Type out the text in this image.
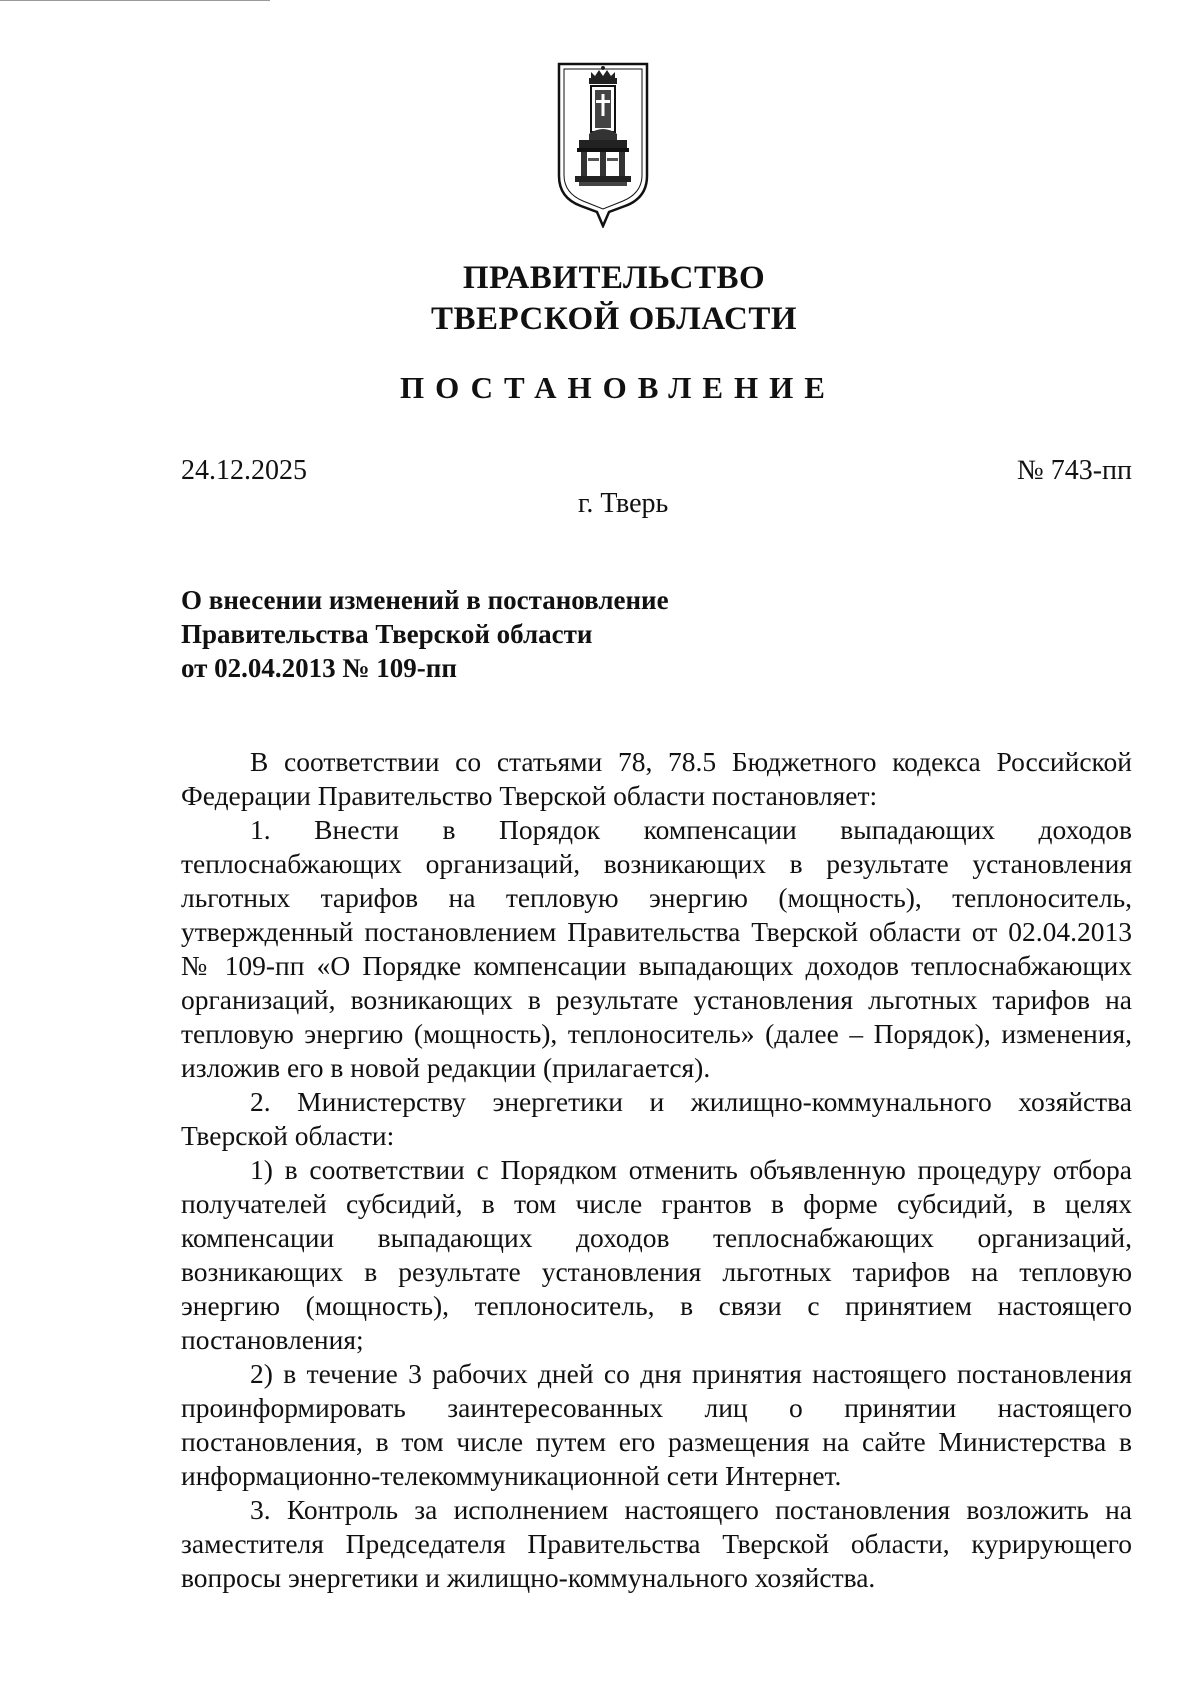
ПРАВИТЕЛЬСТВО
ТВЕРСКОЙ ОБЛАСТИ
ПОСТАНОВЛЕНИЕ
24.12.2025	№ 743-пп
г. Тверь
О внесении изменений в постановление
Правительства Тверской области
от 02.04.2013 № 109-пп

В соответствии со статьями 78, 78.5 Бюджетного кодекса Российской Федерации Правительство Тверской области постановляет:

1. Внести в Порядок компенсации выпадающих доходов теплоснабжающих организаций, возникающих в результате установления льготных тарифов на тепловую энергию (мощность), теплоноситель, утвержденный постановлением Правительства Тверской области от 02.04.2013 № 109-пп «О Порядке компенсации выпадающих доходов теплоснабжающих организаций, возникающих в результате установления льготных тарифов на тепловую энергию (мощность), теплоноситель» (далее – Порядок), изменения, изложив его в новой редакции (прилагается).

2. Министерству энергетики и жилищно-коммунального хозяйства Тверской области:

1) в соответствии с Порядком отменить объявленную процедуру отбора получателей субсидий, в том числе грантов в форме субсидий, в целях компенсации выпадающих доходов теплоснабжающих организаций, возникающих в результате установления льготных тарифов на тепловую энергию (мощность), теплоноситель, в связи с принятием настоящего постановления;

2) в течение 3 рабочих дней со дня принятия настоящего постановления проинформировать заинтересованных лиц о принятии настоящего постановления, в том числе путем его размещения на сайте Министерства в информационно-телекоммуникационной сети Интернет.

3. Контроль за исполнением настоящего постановления возложить на заместителя Председателя Правительства Тверской области, курирующего вопросы энергетики и жилищно-коммунального хозяйства.
